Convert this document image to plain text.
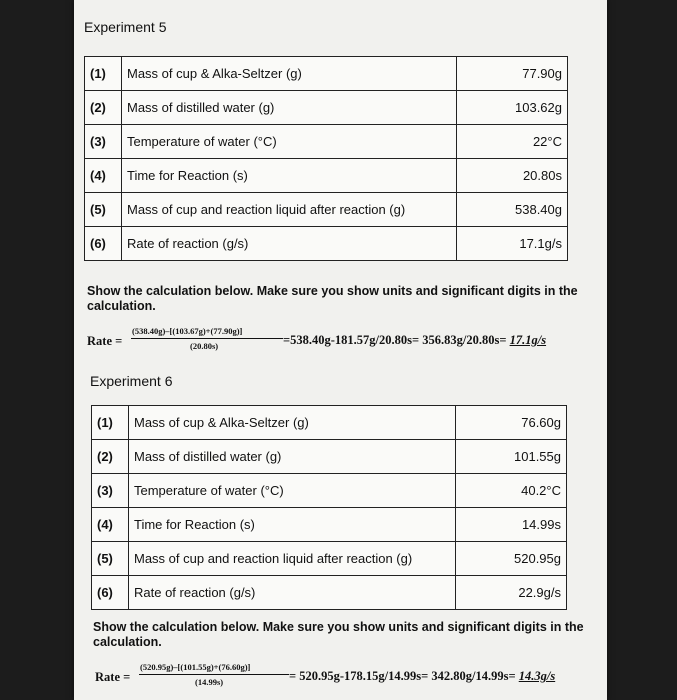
Experiment 5
(1)	Mass of cup & Alka-Seltzer (g)	77.90g
(2)	Mass of distilled water (g)	103.62g
(3)	Temperature of water (°C)	22°C
(4)	Time for Reaction (s)	20.80s
(5)	Mass of cup and reaction liquid after reaction (g)	538.40g
(6)	Rate of reaction (g/s)	17.1g/s
Show the calculation below. Make sure you show units and significant digits in the calculation.
Rate =
(538.40g)–[(103.67g)+(77.90g)]
(20.80s)	=538.40g-181.57g/20.80s= 356.83g/20.80s= 17.1g/s
Experiment 6
(1)	Mass of cup & Alka-Seltzer (g)	76.60g
(2)	Mass of distilled water (g)	101.55g
(3)	Temperature of water (°C)	40.2°C
(4)	Time for Reaction (s)	14.99s
(5)	Mass of cup and reaction liquid after reaction (g)	520.95g
(6)	Rate of reaction (g/s)	22.9g/s
Show the calculation below. Make sure you show units and significant digits in the calculation.
Rate =
(520.95g)–[(101.55g)+(76.60g)]
(14.99s)	= 520.95g-178.15g/14.99s= 342.80g/14.99s= 14.3g/s
